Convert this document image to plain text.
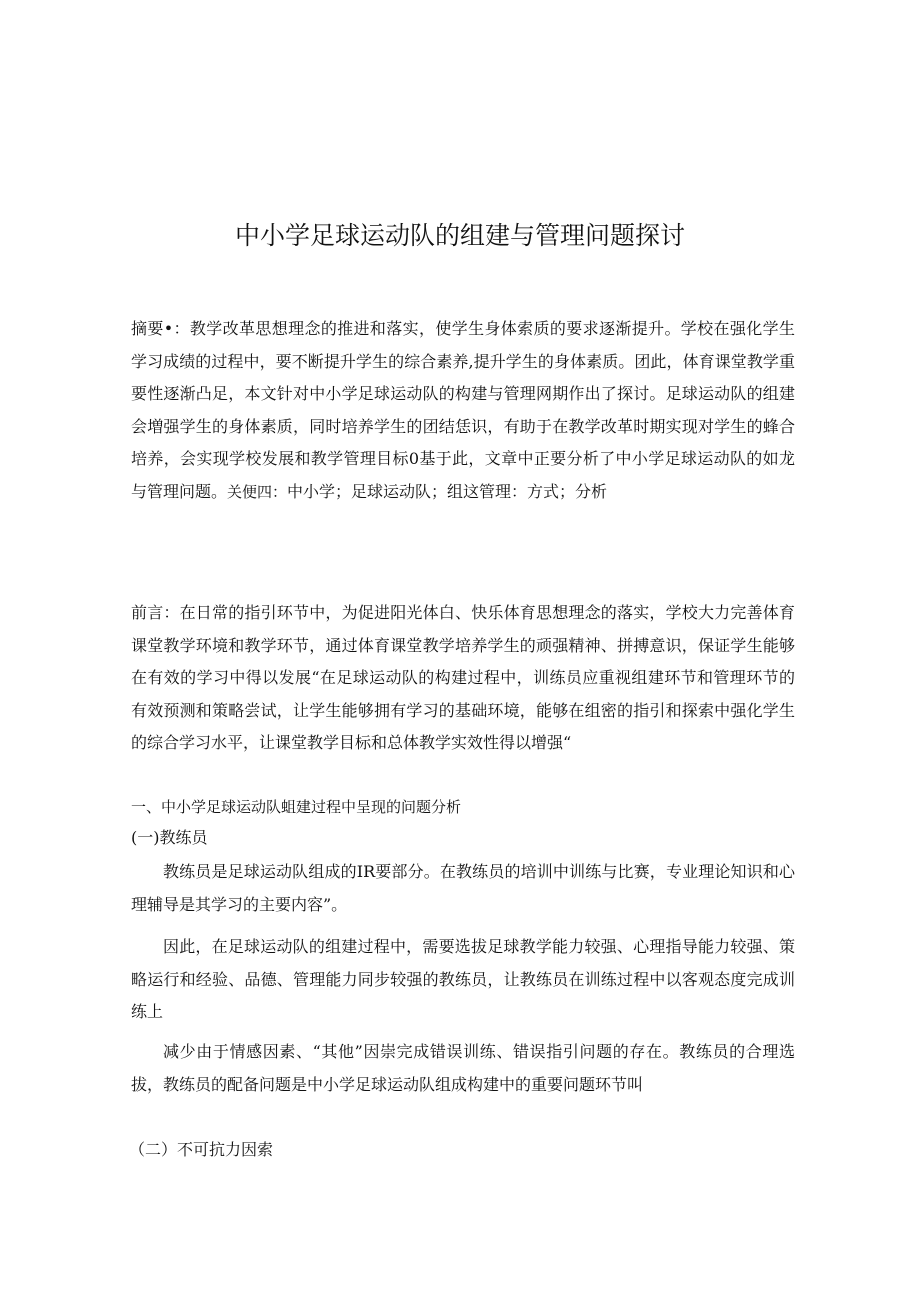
中小学足球运动队的组建与管理问题探讨

摘要•：教学改革思想理念的推进和落实，使学生身体索质的要求逐渐提升。学校在强化学生学习成绩的过程中，要不断提升学生的综合素养,提升学生的身体素质。团此，体育课堂教学重要性逐渐凸足，本文针对中小学足球运动队的构建与管理网期作出了探讨。足球运动队的组建会増强学生的身体素质，同时培养学生的团结恁识，有助于在教学改革时期实现对学生的蜂合培养，会实现学校发展和教学管理目标0基于此，文章中正要分析了中小学足球运动队的如龙与管理问题。关便四：中小学；足球运动队；组这管理：方式；分析

前言：在日常的指引环节中，为促进阳光体白、快乐体育思想理念的落实，学校大力完善体育课堂教学环境和教学环节，通过体育课堂教学培养学生的顽强精神、拼搏意识，保证学生能够在有效的学习中得以发展“在足球运动队的构建过程中，训练员应重视组建环节和管理环节的有效预测和策略尝试，让学生能够拥有学习的基础环境，能够在组密的指引和探索中强化学生的综合学习水平，让课堂教学目标和总体教学实效性得以增强“

一、中小学足球运动队蛆建过程中呈现的问题分析
(一)教练员

教练员是足球运动队组成的IR要部分。在教练员的培训中训练与比赛，专业理论知识和心理辅导是其学习的主要内容”。

因此，在足球运动队的组建过程中，需要选拔足球教学能力较强、心理指导能力较强、策略运行和经验、品德、管理能力同步较强的教练员，让教练员在训练过程中以客观态度完成训练上

减少由于情感因素、“其他”因崇完成错误训练、错误指引问题的存在。教练员的合理选拔，教练员的配备问题是中小学足球运动队组成构建中的重要问题环节叫

（二）不可抗力因索
